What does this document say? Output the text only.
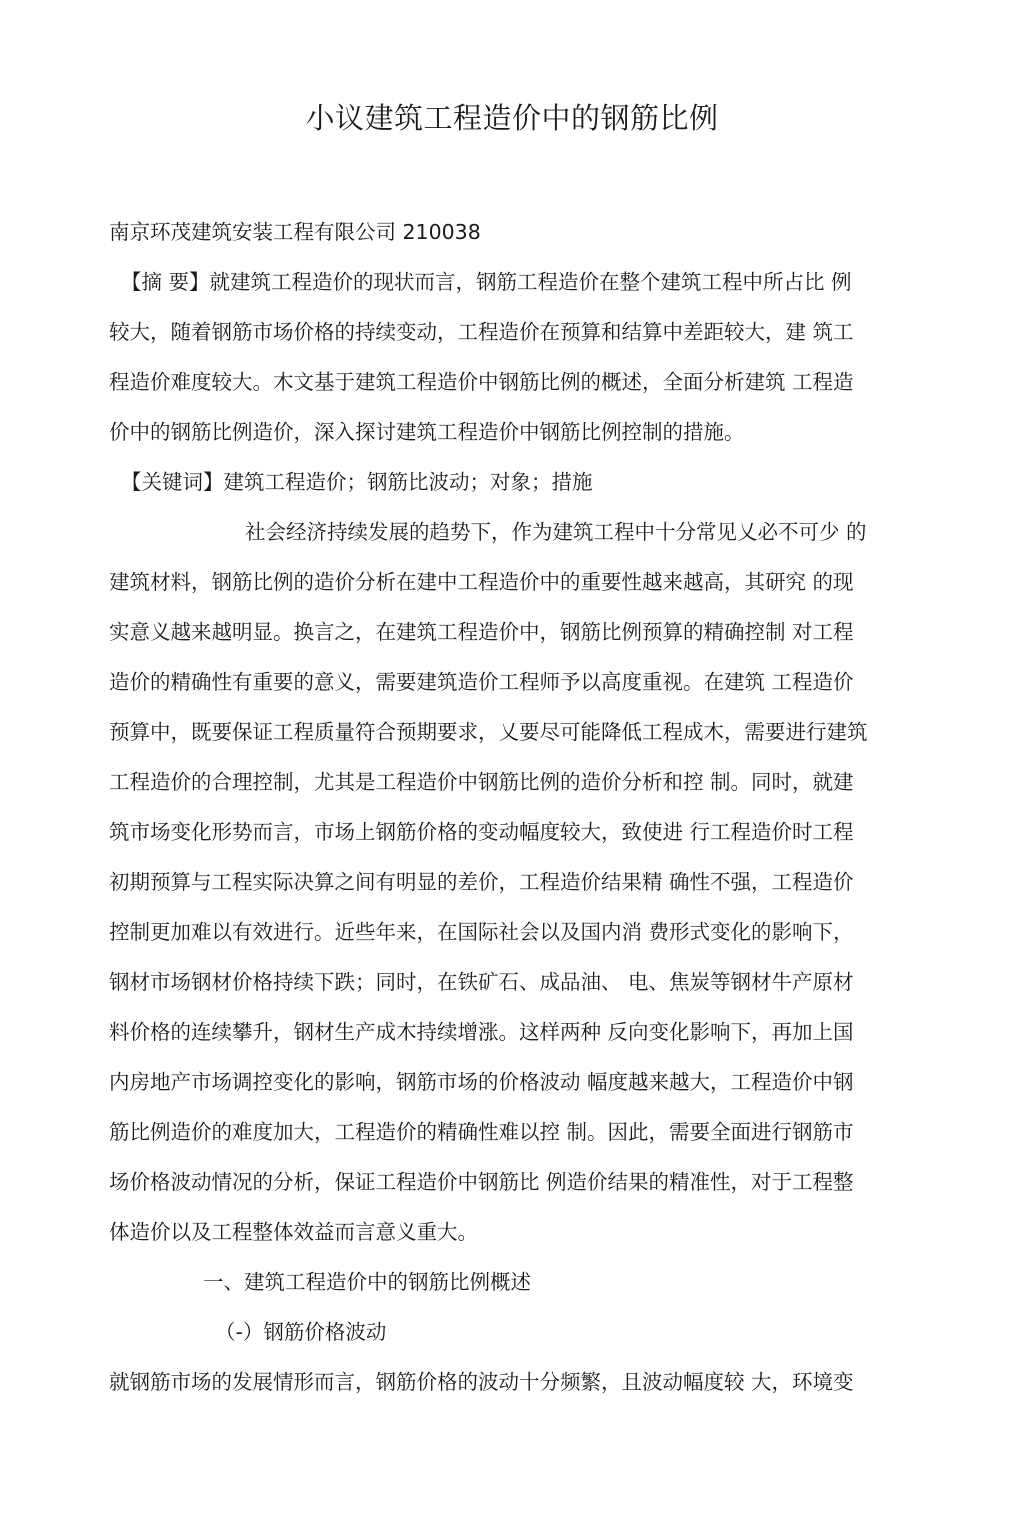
小议建筑工程造价中的钢筋比例
南京环茂建筑安装工程有限公司 210038
【摘 要】就建筑工程造价的现状而言，钢筋工程造价在整个建筑工程中所占比 例
较大，随着钢筋市场价格的持续变动，工程造价在预算和结算中差距较大，建 筑工
程造价难度较大。木文基于建筑工程造价中钢筋比例的概述，全面分析建筑 工程造
价中的钢筋比例造价，深入探讨建筑工程造价中钢筋比例控制的措施。
【关键词】建筑工程造价；钢筋比波动；对象；措施
社会经济持续发展的趋势下，作为建筑工程中十分常见乂必不可少 的
建筑材料，钢筋比例的造价分析在建中工程造价中的重要性越来越高，其研究 的现
实意义越来越明显。换言之，在建筑工程造价中，钢筋比例预算的精确控制 对工程
造价的精确性有重要的意义，需要建筑造价工程师予以高度重视。在建筑 工程造价
预算中，既要保证工程质量符合预期要求，乂要尽可能降低工程成木，需要进行建筑
工程造价的合理控制，尤其是工程造价中钢筋比例的造价分析和控 制。同时，就建
筑市场变化形势而言，市场上钢筋价格的变动幅度较大，致使进 行工程造价时工程
初期预算与工程实际决算之间有明显的差价，工程造价结果精 确性不强，工程造价
控制更加难以有效进行。近些年来，在国际社会以及国内消 费形式变化的影响下，
钢材市场钢材价格持续下跌；同时，在铁矿石、成品油、 电、焦炭等钢材牛产原材
料价格的连续攀升，钢材生产成木持续增涨。这样两种 反向变化影响下，再加上国
内房地产市场调控变化的影响，钢筋市场的价格波动 幅度越来越大，工程造价中钢
筋比例造价的难度加大，工程造价的精确性难以控 制。因此，需要全面进行钢筋市
场价格波动情况的分析，保证工程造价中钢筋比 例造价结果的精准性，对于工程整
体造价以及工程整体效益而言意义重大。
一、建筑工程造价中的钢筋比例概述
（-）钢筋价格波动
就钢筋市场的发展情形而言，钢筋价格的波动十分频繁，且波动幅度较 大，环境变
